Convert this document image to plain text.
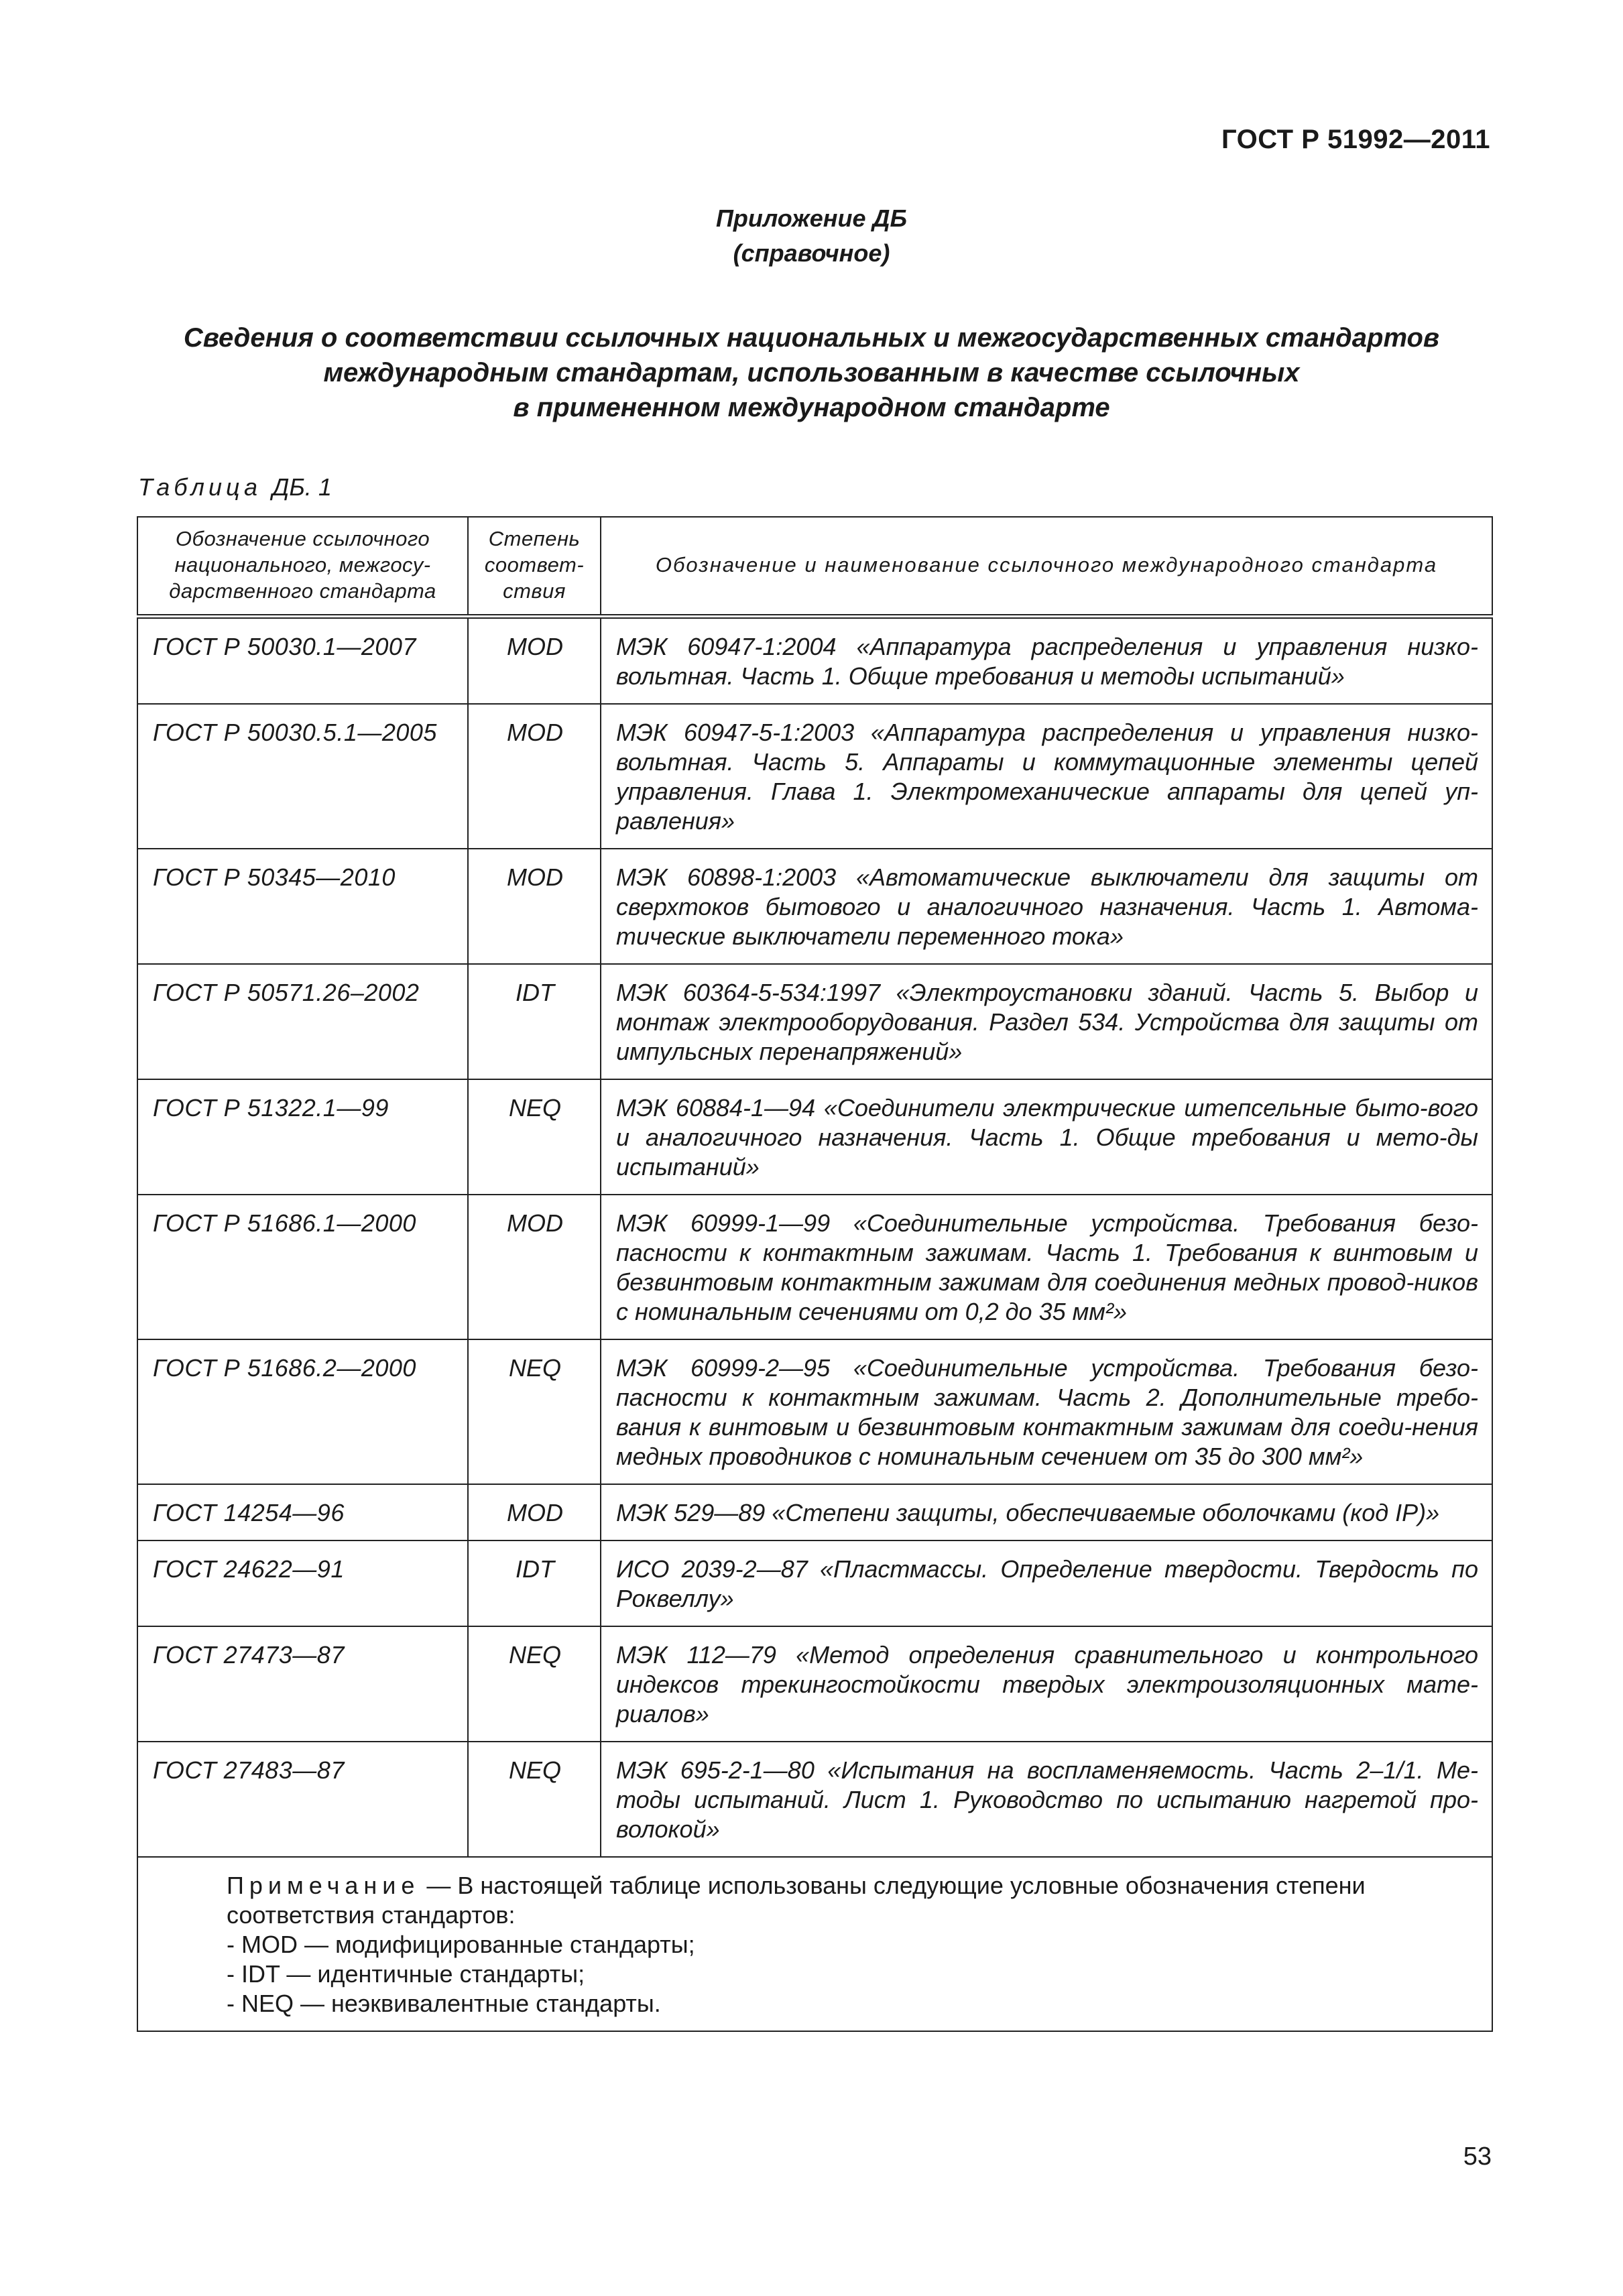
ГОСТ Р 51992—2011
Приложение ДБ
(справочное)
Сведения о соответствии ссылочных национальных и межгосударственных стандартов
международным стандартам, использованным в качестве ссылочных
в примененном международном стандарте
Таблица ДБ. 1
Обозначение ссылочного национального, межгосу-дарственного стандарта	Степень соответ-ствия	Обозначение и наименование ссылочного международного стандарта
ГОСТ Р 50030.1—2007	MOD	МЭК 60947-1:2004 «Аппаратура распределения и управления низко-вольтная. Часть 1. Общие требования и методы испытаний»
ГОСТ Р 50030.5.1—2005	MOD	МЭК 60947-5-1:2003 «Аппаратура распределения и управления низко-вольтная. Часть 5. Аппараты и коммутационные элементы цепей управления. Глава 1. Электромеханические аппараты для цепей уп-равления»
ГОСТ Р 50345—2010	MOD	МЭК 60898-1:2003 «Автоматические выключатели для защиты от сверхтоков бытового и аналогичного назначения. Часть 1. Автома-тические выключатели переменного тока»
ГОСТ Р 50571.26–2002	IDT	МЭК 60364-5-534:1997 «Электроустановки зданий. Часть 5. Выбор и монтаж электрооборудования. Раздел 534. Устройства для защиты от импульсных перенапряжений»
ГОСТ Р 51322.1—99	NEQ	МЭК 60884-1—94 «Соединители электрические штепсельные быто-вого и аналогичного назначения. Часть 1. Общие требования и мето-ды испытаний»
ГОСТ Р 51686.1—2000	MOD	МЭК 60999-1—99 «Соединительные устройства. Требования безо-пасности к контактным зажимам. Часть 1. Требования к винтовым и безвинтовым контактным зажимам для соединения медных провод-ников с номинальным сечениями от 0,2 до 35 мм²»
ГОСТ Р 51686.2—2000	NEQ	МЭК 60999-2—95 «Соединительные устройства. Требования безо-пасности к контактным зажимам. Часть 2. Дополнительные требо-вания к винтовым и безвинтовым контактным зажимам для соеди-нения медных проводников с номинальным сечением от 35 до 300 мм²»
ГОСТ 14254—96	MOD	МЭК 529—89 «Степени защиты, обеспечиваемые оболочками (код IP)»
ГОСТ 24622—91	IDT	ИСО 2039-2—87 «Пластмассы. Определение твердости. Твердость по Роквеллу»
ГОСТ 27473—87	NEQ	МЭК 112—79 «Метод определения сравнительного и контрольного индексов трекингостойкости твердых электроизоляционных мате-риалов»
ГОСТ 27483—87	NEQ	МЭК 695-2-1—80 «Испытания на воспламеняемость. Часть 2–1/1. Ме-тоды испытаний. Лист 1. Руководство по испытанию нагретой про-волокой»

Примечание — В настоящей таблице использованы следующие условные обозначения степени соответствия стандартов:
- MOD — модифицированные стандарты;
- IDT — идентичные стандарты;
- NEQ — неэквивалентные стандарты.		
53
